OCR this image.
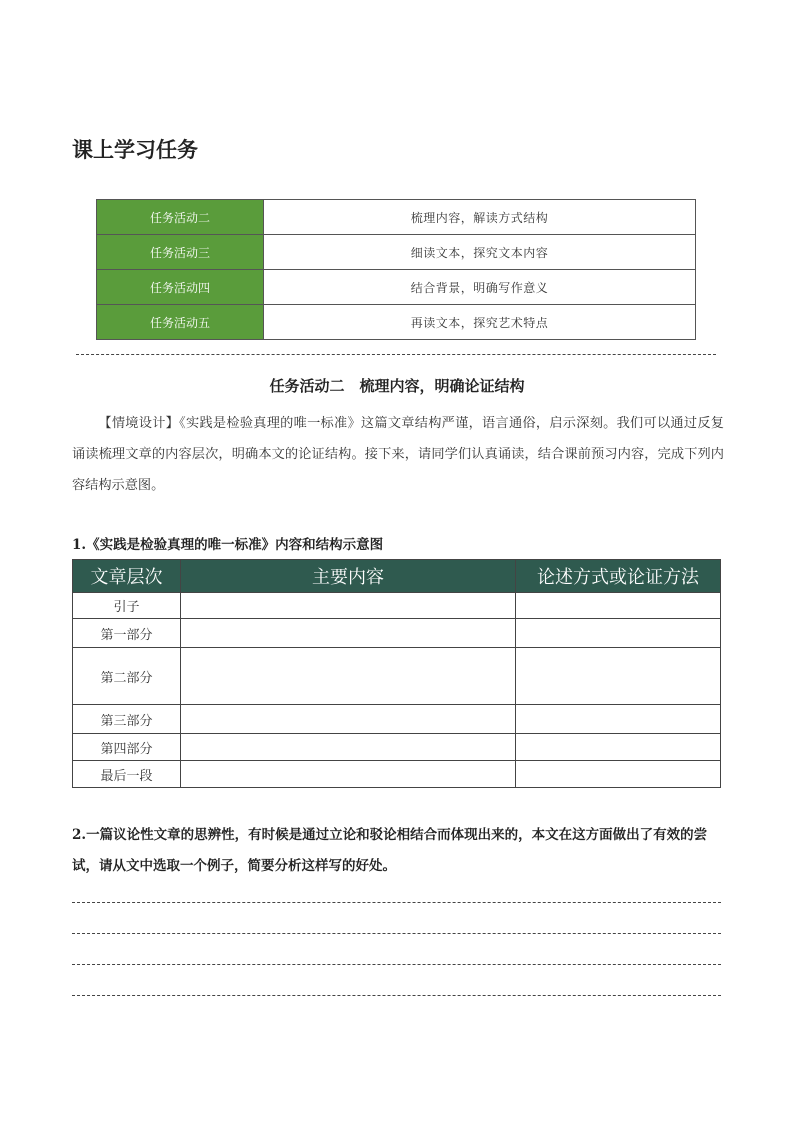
课上学习任务
任务活动二	梳理内容，解读方式结构
任务活动三	细读文本，探究文本内容
任务活动四	结合背景，明确写作意义
任务活动五	再读文本，探究艺术特点
任务活动二　梳理内容，明确论证结构
【情境设计】《实践是检验真理的唯一标准》这篇文章结构严谨，语言通俗，启示深刻。我们可以通过反复诵读梳理文章的内容层次，明确本文的论证结构。接下来，请同学们认真诵读，结合课前预习内容，完成下列内容结构示意图。
1.《实践是检验真理的唯一标准》内容和结构示意图
文章层次	主要内容	论述方式或论证方法
引子		
第一部分		
第二部分		
第三部分		
第四部分		
最后一段		
2.一篇议论性文章的思辨性，有时候是通过立论和驳论相结合而体现出来的，本文在这方面做出了有效的尝试，请从文中选取一个例子，简要分析这样写的好处。
